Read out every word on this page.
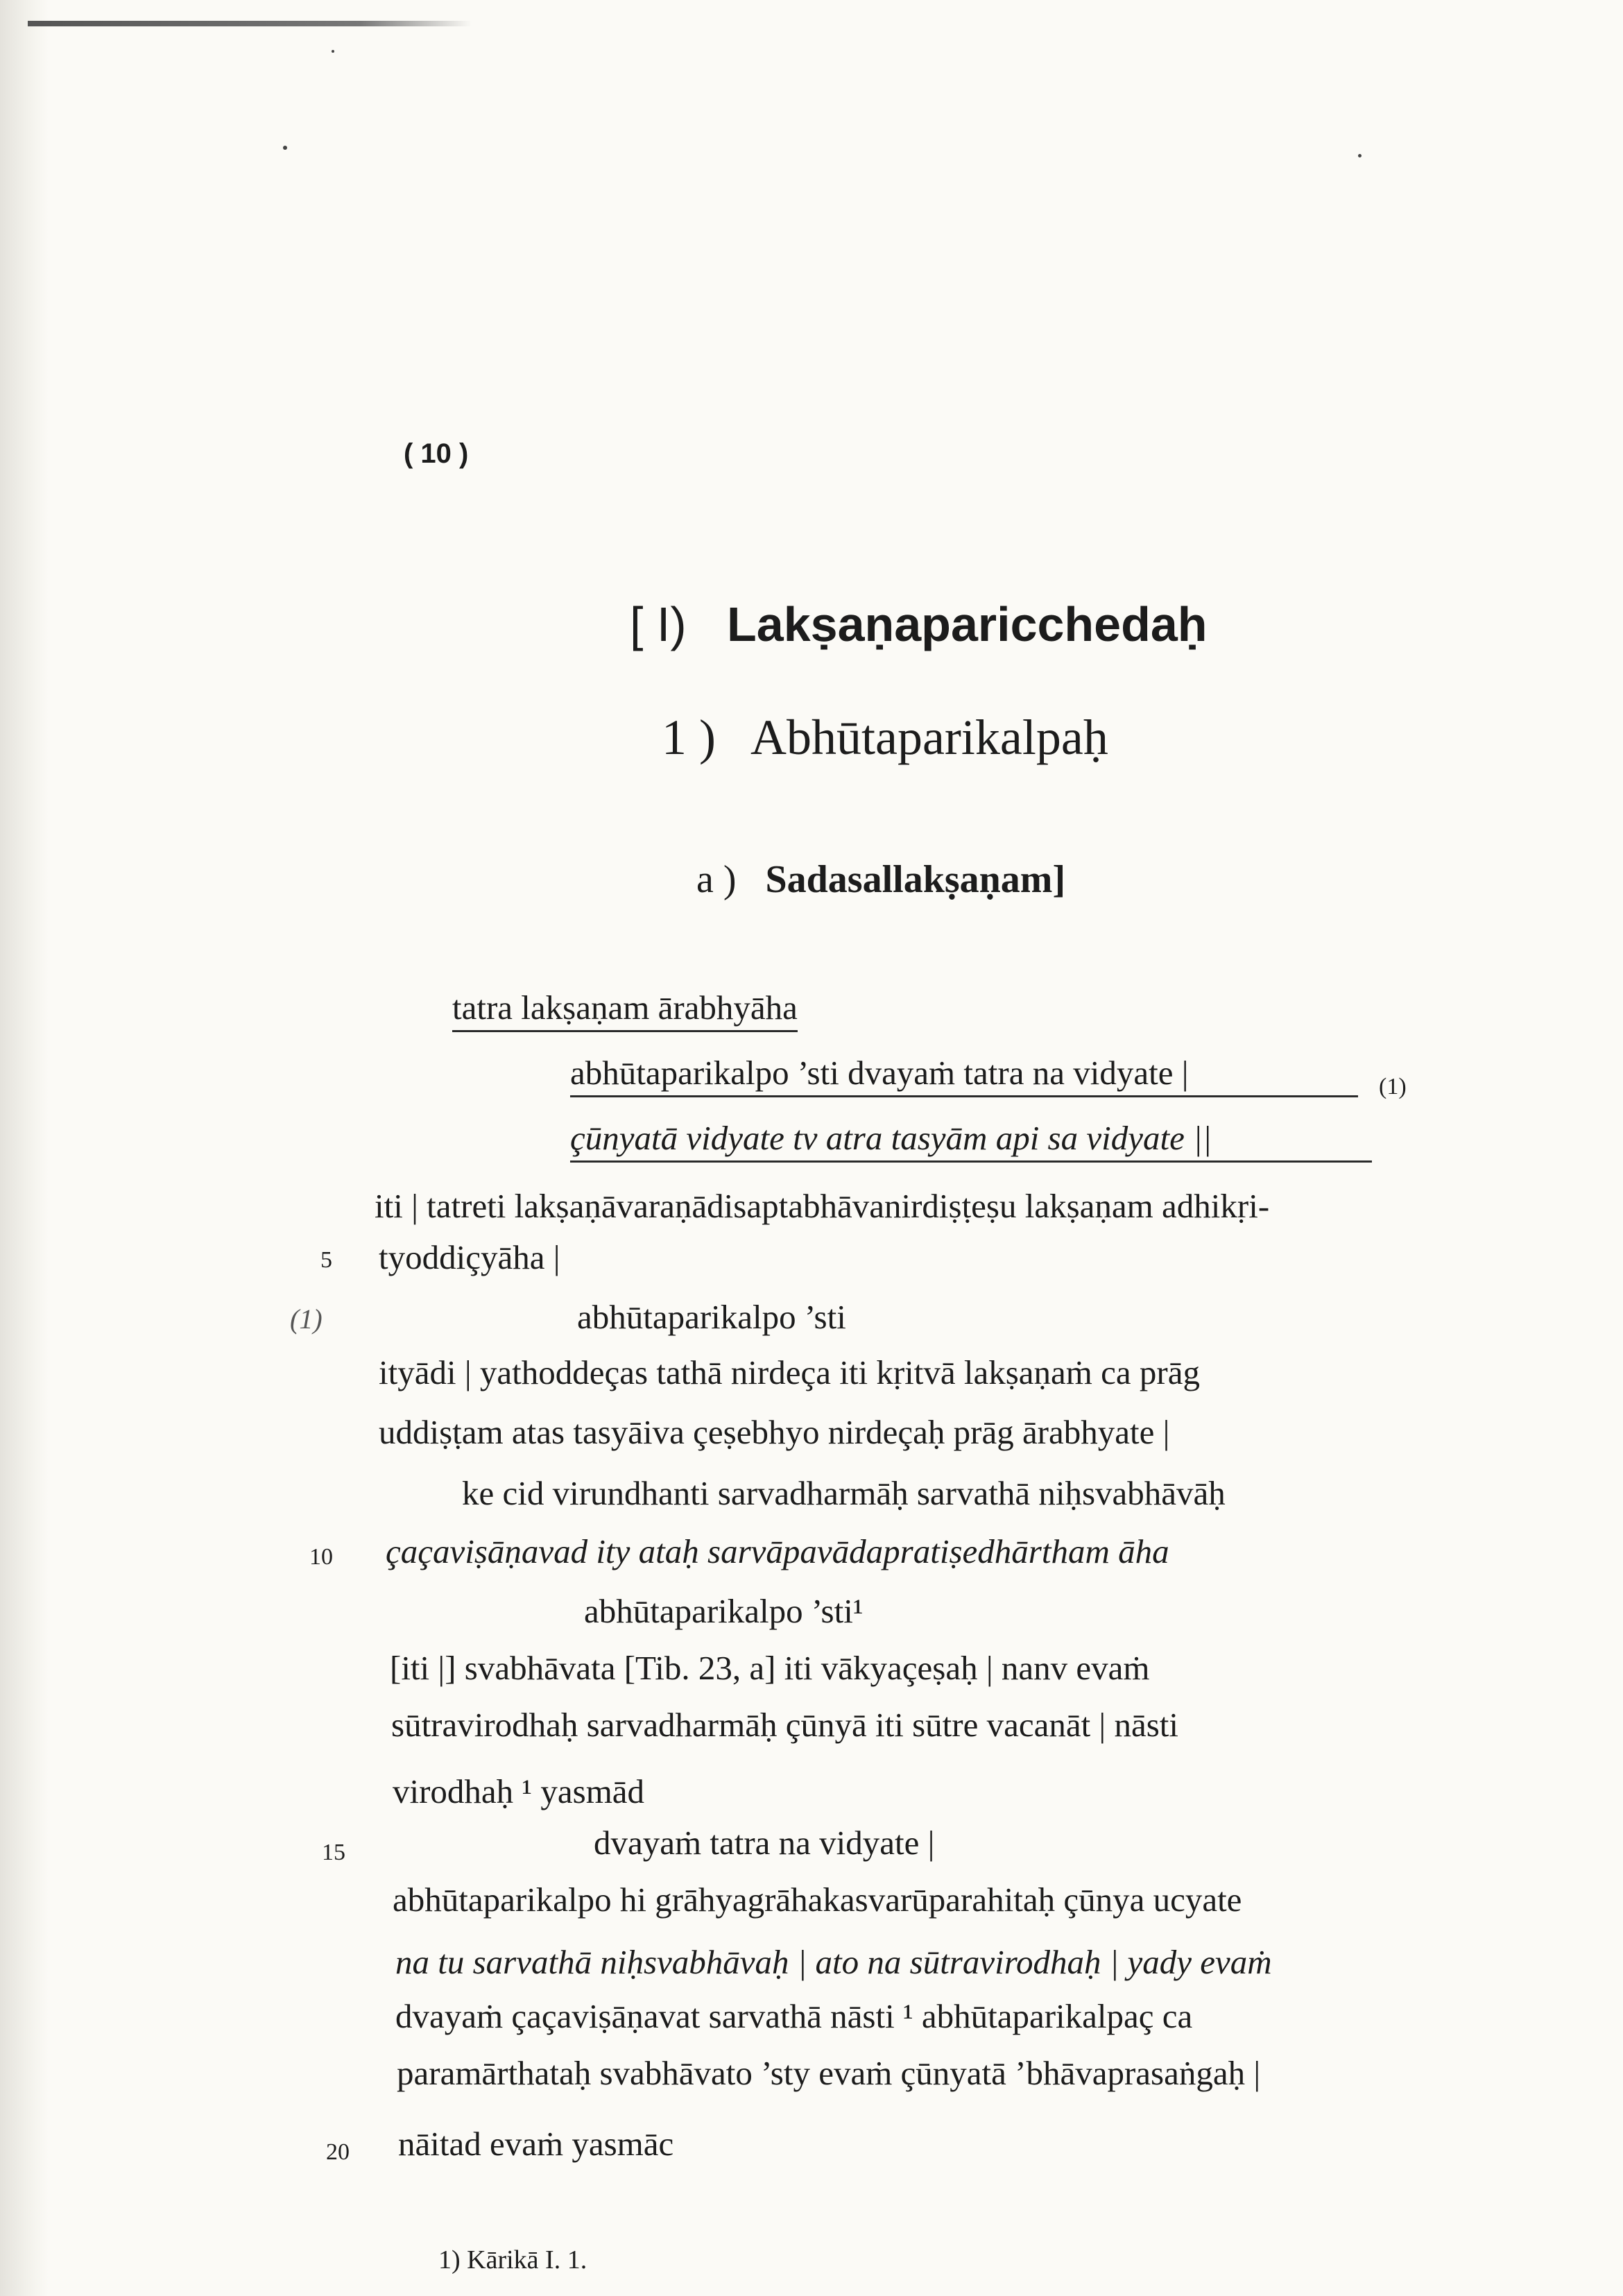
( 10 )
[ I) Lakṣaṇaparicchedaḥ
1 ) Abhūtaparikalpaḥ
a ) Sadasallakṣaṇam]
tatra lakṣaṇam ārabhyāha
abhūtaparikalpo ’sti dvayaṁ tatra na vidyate |	(1)
çūnyatā vidyate tv atra tasyām api sa vidyate ||
iti | tatreti lakṣaṇāvaraṇādisaptabhāvanirdiṣṭeṣu lakṣaṇam adhikṛi-
5 tyoddiçyāha |
(1)	abhūtaparikalpo ’sti
ityādi | yathoddeças tathā nirdeça iti kṛitvā lakṣaṇaṁ ca prāg
uddiṣṭam atas tasyāiva çeṣebhyo nirdeçaḥ prāg ārabhyate |
ke cid virundhanti sarvadharmāḥ sarvathā niḥsvabhāvāḥ
10 çaçaviṣāṇavad ity ataḥ sarvāpavādapratiṣedhārtham āha
abhūtaparikalpo ’sti¹
[iti |] svabhāvata [Tib. 23, a] iti vākyaçeṣaḥ | nanv evaṁ
sūtravirodhaḥ sarvadharmāḥ çūnyā iti sūtre vacanāt | nāsti
virodhaḥ ¹ yasmād
15	dvayaṁ tatra na vidyate |
abhūtaparikalpo hi grāhyagrāhakasvarūparahitaḥ çūnya ucyate
na tu sarvathā niḥsvabhāvaḥ | ato na sūtravirodhaḥ | yady evaṁ
dvayaṁ çaçaviṣāṇavat sarvathā nāsti ¹ abhūtaparikalpaç ca
paramārthataḥ svabhāvato ’sty evaṁ çūnyatā ’bhāvaprasaṅgaḥ |
20 nāitad evaṁ yasmāc
1) Kārikā I. 1.
